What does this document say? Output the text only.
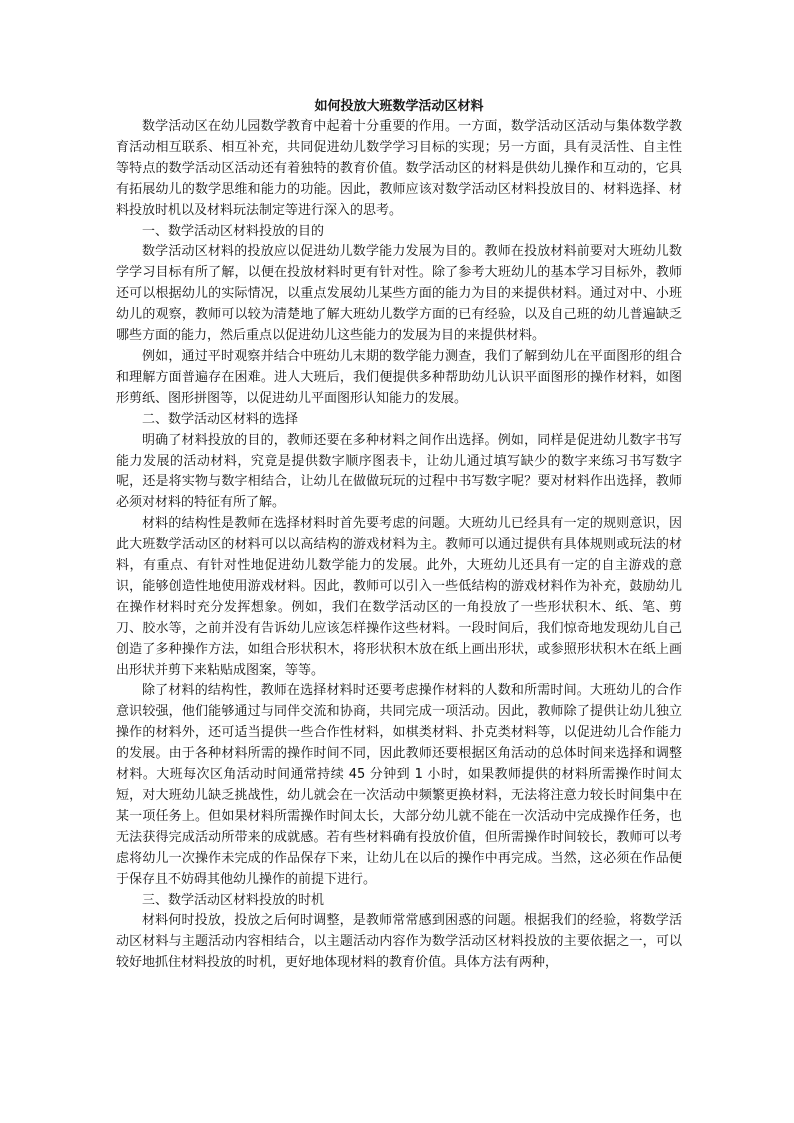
如何投放大班数学活动区材料

数学活动区在幼儿园数学教育中起着十分重要的作用。一方面，数学活动区活动与集体数学教育活动相互联系、相互补充，共同促进幼儿数学学习目标的实现；另一方面，具有灵活性、自主性等特点的数学活动区活动还有着独特的教育价值。数学活动区的材料是供幼儿操作和互动的，它具有拓展幼儿的数学思维和能力的功能。因此，教师应该对数学活动区材料投放目的、材料选择、材料投放时机以及材料玩法制定等进行深入的思考。

一、数学活动区材料投放的目的

数学活动区材料的投放应以促进幼儿数学能力发展为目的。教师在投放材料前要对大班幼儿数学学习目标有所了解，以便在投放材料时更有针对性。除了参考大班幼儿的基本学习目标外，教师还可以根据幼儿的实际情况，以重点发展幼儿某些方面的能力为目的来提供材料。通过对中、小班幼儿的观察，教师可以较为清楚地了解大班幼儿数学方面的已有经验，以及自己班的幼儿普遍缺乏哪些方面的能力，然后重点以促进幼儿这些能力的发展为目的来提供材料。

例如，通过平时观察并结合中班幼儿末期的数学能力测查，我们了解到幼儿在平面图形的组合和理解方面普遍存在困难。进人大班后，我们便提供多种帮助幼儿认识平面图形的操作材料，如图形剪纸、图形拼图等，以促进幼儿平面图形认知能力的发展。

二、数学活动区材料的选择

明确了材料投放的目的，教师还要在多种材料之间作出选择。例如，同样是促进幼儿数字书写能力发展的活动材料，究竟是提供数字顺序图表卡，让幼儿通过填写缺少的数字来练习书写数字呢，还是将实物与数字相结合，让幼儿在做做玩玩的过程中书写数字呢？要对材料作出选择，教师必须对材料的特征有所了解。

材料的结构性是教师在选择材料时首先要考虑的问题。大班幼儿已经具有一定的规则意识，因此大班数学活动区的材料可以以高结构的游戏材料为主。教师可以通过提供有具体规则或玩法的材料，有重点、有针对性地促进幼儿数学能力的发展。此外，大班幼儿还具有一定的自主游戏的意识，能够创造性地使用游戏材料。因此，教师可以引入一些低结构的游戏材料作为补充，鼓励幼儿在操作材料时充分发挥想象。例如，我们在数学活动区的一角投放了一些形状积木、纸、笔、剪刀、胶水等，之前并没有告诉幼儿应该怎样操作这些材料。一段时间后，我们惊奇地发现幼儿自己创造了多种操作方法，如组合形状积木，将形状积木放在纸上画出形状，或参照形状积木在纸上画出形状并剪下来粘贴成图案，等等。

除了材料的结构性，教师在选择材料时还要考虑操作材料的人数和所需时间。大班幼儿的合作意识较强，他们能够通过与同伴交流和协商，共同完成一项活动。因此，教师除了提供让幼儿独立操作的材料外，还可适当提供一些合作性材料，如棋类材料、扑克类材料等，以促进幼儿合作能力的发展。由于各种材料所需的操作时间不同，因此教师还要根据区角活动的总体时间来选择和调整材料。大班每次区角活动时间通常持续 45 分钟到 1 小时，如果教师提供的材料所需操作时间太短，对大班幼儿缺乏挑战性，幼儿就会在一次活动中频繁更换材料，无法将注意力较长时间集中在某一项任务上。但如果材料所需操作时间太长，大部分幼儿就不能在一次活动中完成操作任务，也无法获得完成活动所带来的成就感。若有些材料确有投放价值，但所需操作时间较长，教师可以考虑将幼儿一次操作未完成的作品保存下来，让幼儿在以后的操作中再完成。当然，这必须在作品便于保存且不妨碍其他幼儿操作的前提下进行。

三、数学活动区材料投放的时机

材料何时投放，投放之后何时调整，是教师常常感到困惑的问题。根据我们的经验，将数学活动区材料与主题活动内容相结合，以主题活动内容作为数学活动区材料投放的主要依据之一，可以较好地抓住材料投放的时机，更好地体现材料的教育价值。具体方法有两种，
